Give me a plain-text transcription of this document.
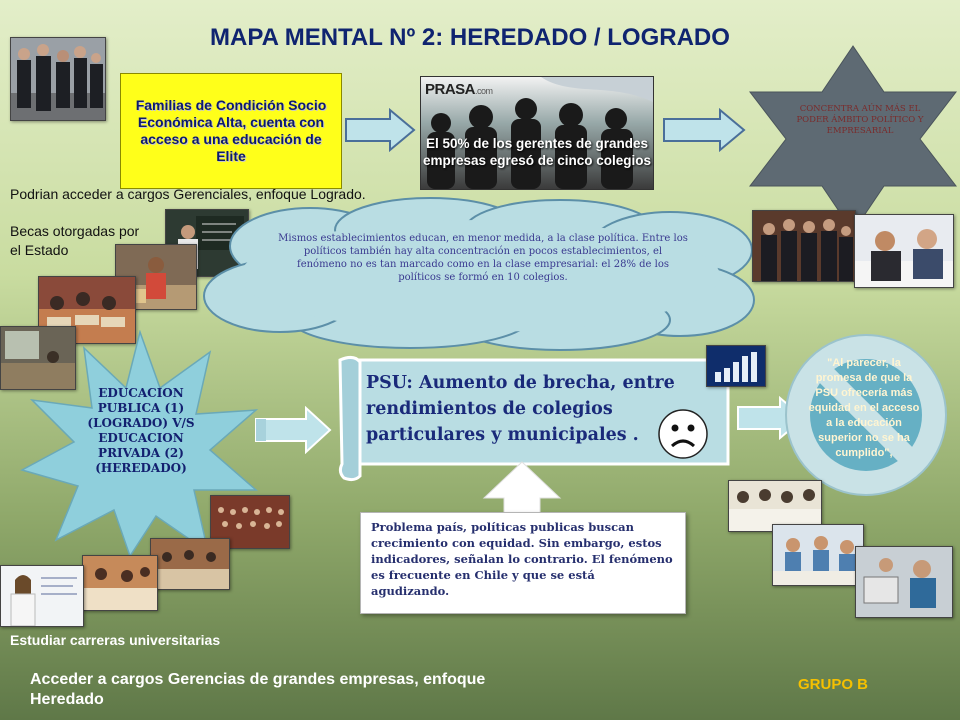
MAPA MENTAL Nº 2: HEREDADO / LOGRADO
Familias de Condición Socio Económica Alta, cuenta con acceso a una educación de Elite
PRASA.com
El 50% de los gerentes de grandes empresas egresó de cinco colegios
CONCENTRA AÚN MÁS EL PODER ÁMBITO POLÍTICO Y EMPRESARIAL
Podrian acceder a cargos Gerenciales, enfoque Logrado.
Becas otorgadas por el Estado
Mismos establecimientos educan, en menor medida, a la clase política. Entre los políticos también hay alta concentración en pocos establecimientos, el fenómeno no es tan marcado como en la clase empresarial: el 28% de los políticos se formó en 10 colegios.
EDUCACION PUBLICA (1) (LOGRADO) V/S EDUCACION PRIVADA (2) (HEREDADO)
PSU: Aumento de brecha, entre rendimientos de colegios particulares y municipales .
Problema país, políticas publicas buscan crecimiento con equidad. Sin embargo, estos indicadores, señalan lo contrario. El fenómeno es frecuente en Chile y que se está agudizando.
"Al parecer, la promesa de que la PSU ofrecería más equidad en el acceso a la educación superior no se ha cumplido",
Estudiar carreras universitarias
Acceder a cargos Gerencias de grandes empresas, enfoque Heredado
GRUPO B
